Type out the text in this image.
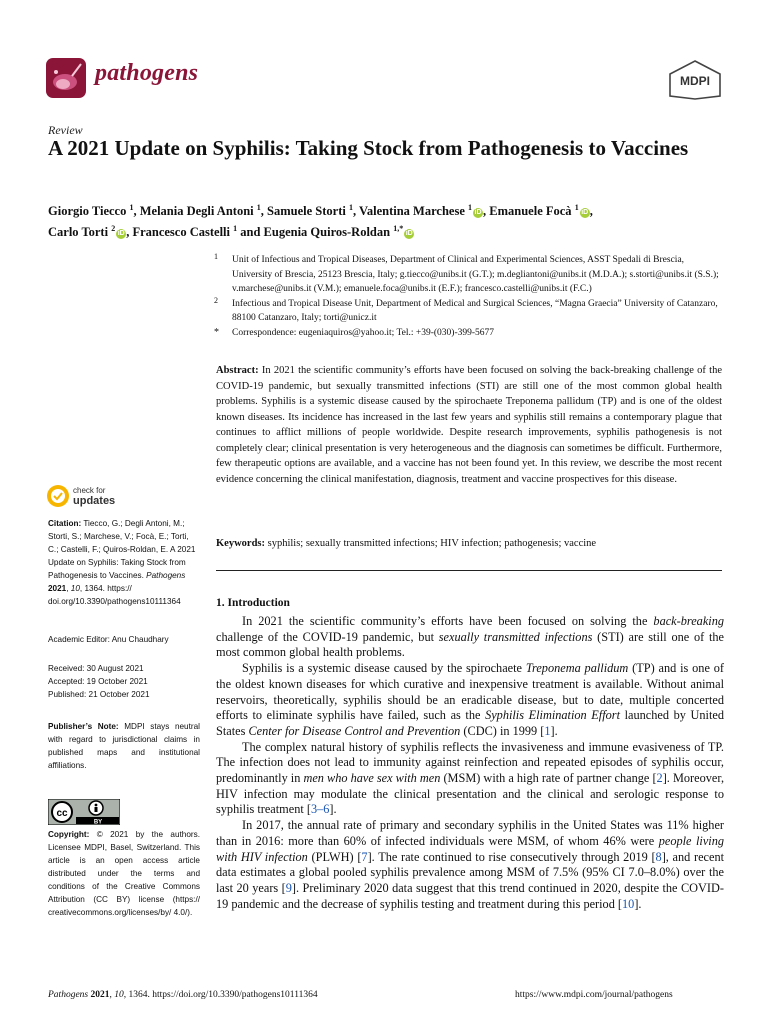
pathogens	MDPI
Review
A 2021 Update on Syphilis: Taking Stock from Pathogenesis to Vaccines
Giorgio Tiecco $^1$, Melania Degli Antoni $^1$, Samuele Storti $^1$, Valentina Marchese $^1$iD , Emanuele Focà $^1$iD ,
Carlo Torti $^2$iD , Francesco Castelli $^1$ and Eugenia Quiros-Roldan $^{1,*}$iD
1 Unit of Infectious and Tropical Diseases, Department of Clinical and Experimental Sciences, ASST Spedali di Brescia, University of Brescia, 25123 Brescia, Italy; g.tiecco@unibs.it (G.T.); m.degliantoni@unibs.it (M.D.A.); s.storti@unibs.it (S.S.); v.marchese@unibs.it (V.M.); emanuele.foca@unibs.it (E.F.); francesco.castelli@unibs.it (F.C.)
2 Infectious and Tropical Disease Unit, Department of Medical and Surgical Sciences, “Magna Graecia” University of Catanzaro, 88100 Catanzaro, Italy; torti@unicz.it
* Correspondence: eugeniaquiros@yahoo.it; Tel.: +39-(030)-399-5677
Abstract: In 2021 the scientific community’s efforts have been focused on solving the back-breaking challenge of the COVID-19 pandemic, but sexually transmitted infections (STI) are still one of the most common global health problems. Syphilis is a systemic disease caused by the spirochaete Treponema pallidum (TP) and is one of the oldest known diseases. Its incidence has increased in the last few years and syphilis still remains a contemporary plague that continues to afflict millions of people worldwide. Despite research improvements, syphilis pathogenesis is not completely clear; clinical presentation is very heterogeneous and the diagnosis can sometimes be difficult. Furthermore, few therapeutic options are available, and a vaccine has not been found yet. In this review, we describe the most recent evidence concerning the clinical manifestation, diagnosis, treatment and vaccine prospectives for this disease.
Keywords: syphilis; sexually transmitted infections; HIV infection; pathogenesis; vaccine
check for
updates
Citation: Tiecco, G.; Degli Antoni, M.; Storti, S.; Marchese, V.; Focà, E.; Torti, C.; Castelli, F.; Quiros-Roldan, E. A 2021 Update on Syphilis: Taking Stock from Pathogenesis to Vaccines. Pathogens 2021, 10, 1364. https:// doi.org/10.3390/pathogens10111364
Academic Editor: Anu Chaudhary
Received: 30 August 2021
Accepted: 19 October 2021
Published: 21 October 2021
Publisher’s Note: MDPI stays neutral with regard to jurisdictional claims in published maps and institutional affiliations.
cc
BY
Copyright: © 2021 by the authors. Licensee MDPI, Basel, Switzerland. This article is an open access article distributed under the terms and conditions of the Creative Commons Attribution (CC BY) license (https:// creativecommons.org/licenses/by/ 4.0/).
1. Introduction

In 2021 the scientific community’s efforts have been focused on solving the back-breaking challenge of the COVID-19 pandemic, but sexually transmitted infections (STI) are still one of the most common global health problems.

Syphilis is a systemic disease caused by the spirochaete Treponema pallidum (TP) and is one of the oldest known diseases for which curative and inexpensive treatment is available. Without animal reservoirs, theoretically, syphilis should be an eradicable disease, but to date, multiple concerted efforts to eliminate syphilis have failed, such as the Syphilis Elimination Effort launched by United States Center for Disease Control and Prevention (CDC) in 1999 [1].

The complex natural history of syphilis reflects the invasiveness and immune evasiveness of TP. The infection does not lead to immunity against reinfection and repeated episodes of syphilis occur, predominantly in men who have sex with men (MSM) with a high rate of partner change [2]. Moreover, HIV infection may modulate the clinical presentation and the clinical and serologic response to syphilis treatment [3–6].

In 2017, the annual rate of primary and secondary syphilis in the United States was 11% higher than in 2016: more than 60% of infected individuals were MSM, of whom 46% were people living with HIV infection (PLWH) [7]. The rate continued to rise consecutively through 2019 [8], and recent data estimates a global pooled syphilis prevalence among MSM of 7.5% (95% CI 7.0–8.0%) over the last 20 years [9]. Preliminary 2020 data suggest that this trend continued in 2020, despite the COVID-19 pandemic and the decrease of syphilis testing and treatment during this period [10].

Pathogens 2021, 10, 1364. https://doi.org/10.3390/pathogens10111364	https://www.mdpi.com/journal/pathogens
